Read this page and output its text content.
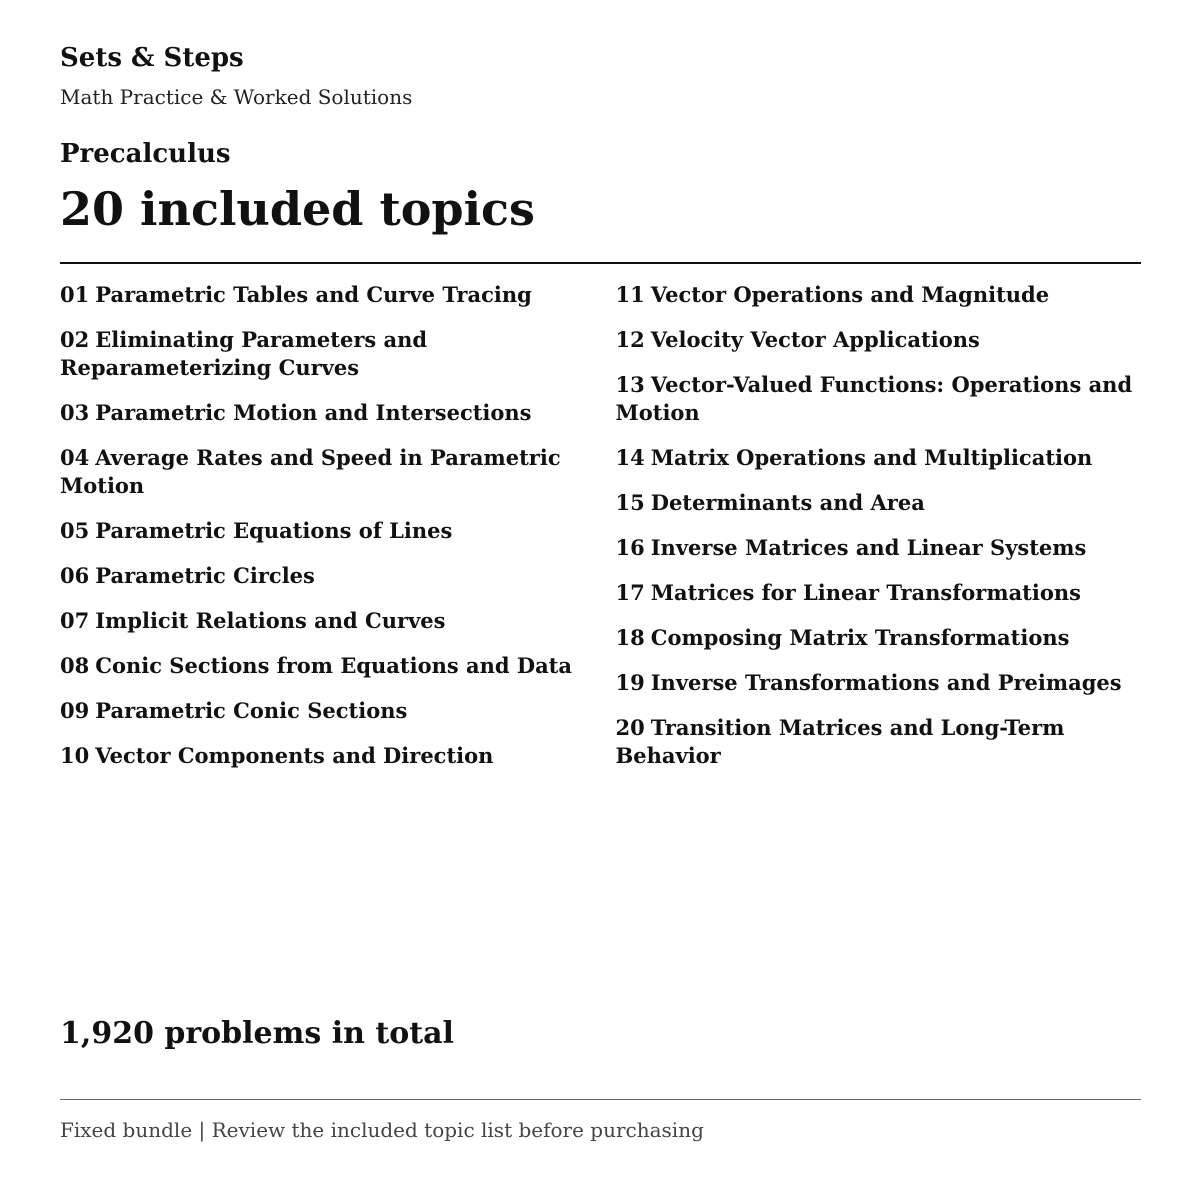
Sets & Steps
Math Practice & Worked Solutions
Precalculus
20 included topics
01 Parametric Tables and Curve Tracing
02 Eliminating Parameters and Reparameterizing Curves
03 Parametric Motion and Intersections
04 Average Rates and Speed in Parametric Motion
05 Parametric Equations of Lines
06 Parametric Circles
07 Implicit Relations and Curves
08 Conic Sections from Equations and Data
09 Parametric Conic Sections
10 Vector Components and Direction
11 Vector Operations and Magnitude
12 Velocity Vector Applications
13 Vector-Valued Functions: Operations and Motion
14 Matrix Operations and Multiplication
15 Determinants and Area
16 Inverse Matrices and Linear Systems
17 Matrices for Linear Transformations
18 Composing Matrix Transformations
19 Inverse Transformations and Preimages
20 Transition Matrices and Long-Term Behavior
1,920 problems in total
Fixed bundle | Review the included topic list before purchasing
